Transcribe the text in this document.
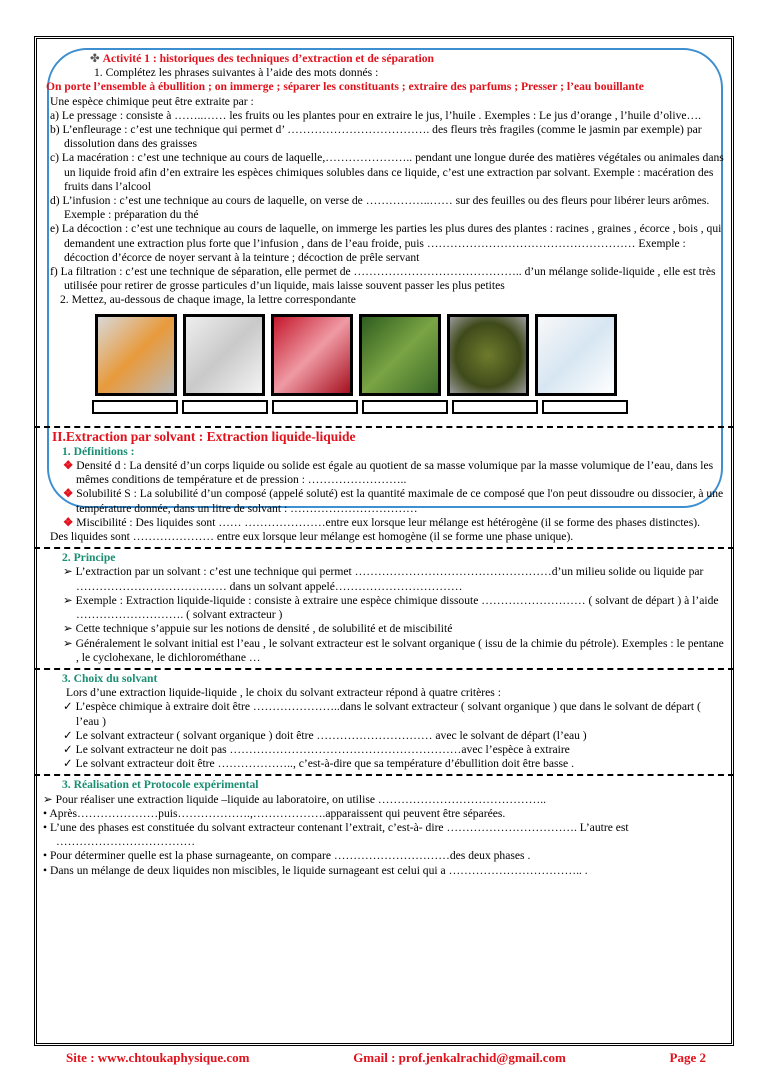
✤ Activité 1 : historiques des techniques d’extraction et de séparation
1. Complétez les phrases suivantes à l’aide des mots donnés :
On porte l’ensemble à ébullition ; on immerge ; séparer les constituants ; extraire des parfums ; Presser ; l’eau bouillante
Une espèce chimique peut être extraite par :
a) Le pressage : consiste à ……..…… les fruits ou les plantes pour en extraire le jus, l’huile . Exemples : Le jus d’orange , l’huile d’olive….
b) L’enfleurage : c’est une technique qui permet d’ ………………………………. des fleurs très fragiles (comme le jasmin par exemple) par dissolution dans des graisses
c) La macération : c’est une technique au cours de laquelle,………………….. pendant une longue durée des matières végétales ou animales dans un liquide froid afin d’en extraire les espèces chimiques solubles dans ce liquide, c’est une extraction par solvant. Exemple : macération des fruits dans l’alcool
d) L’infusion : c’est une technique au cours de laquelle, on verse de ……………..…… sur des feuilles ou des fleurs pour libérer leurs arômes. Exemple : préparation du thé
e) La décoction : c’est une technique au cours de laquelle, on immerge les parties les plus dures des plantes : racines , graines , écorce , bois , qui demandent une extraction plus forte que l’infusion , dans de l’eau froide, puis ……………………………………………… Exemple : décoction d’écorce de noyer servant à la teinture ; décoction de prêle servant
f) La filtration : c’est une technique de séparation, elle permet de …………………………………….. d’un mélange solide-liquide , elle est très utilisée pour retirer de grosse particules d’un liquide, mais laisse souvent passer les plus petites
2. Mettez, au-dessous de chaque image, la lettre correspondante
II.Extraction par solvant : Extraction liquide-liquide
1. Définitions :
❖ Densité d : La densité d’un corps liquide ou solide est égale au quotient de sa masse volumique par la masse volumique de l’eau, dans les mêmes conditions de température et de pression : ……………………..
❖ Solubilité S : La solubilité d’un composé (appelé soluté) est la quantité maximale de ce composé que l'on peut dissoudre ou dissocier, à une température donnée, dans un litre de solvant : ……………………………
❖ Miscibilité : Des liquides sont …… …………………entre eux lorsque leur mélange est hétérogène (il se forme des phases distinctes).
Des liquides sont ………………… entre eux lorsque leur mélange est homogène (il se forme une phase unique).
2. Principe
➢ L’extraction par un solvant : c’est une technique qui permet ……………………………………………d’un milieu solide ou liquide par ………………………………… dans un solvant appelé……………………………
➢ Exemple : Extraction liquide-liquide : consiste à extraire une espèce chimique dissoute ……………………… ( solvant de départ ) à l’aide ………………………. ( solvant extracteur )
➢ Cette technique s’appuie sur les notions de densité , de solubilité et de miscibilité
➢ Généralement le solvant initial est l’eau , le solvant extracteur est le solvant organique ( issu de la chimie du pétrole). Exemples : le pentane , le cyclohexane, le dichlorométhane …
3. Choix du solvant
Lors d’une extraction liquide-liquide , le choix du solvant extracteur répond à quatre critères :
✓ L’espèce chimique à extraire doit être …………………..dans le solvant extracteur ( solvant organique ) que dans le solvant de départ ( l’eau )
✓ Le solvant extracteur ( solvant organique ) doit être ………………………… avec le solvant de départ (l’eau )
✓ Le solvant extracteur ne doit pas ……………………………………………………avec l’espèce à extraire
✓ Le solvant extracteur doit être ……………….., c’est-à-dire que sa température d’ébullition doit être basse .
3. Réalisation et Protocole expérimental
➢ Pour réaliser une extraction liquide –liquide au laboratoire, on utilise ……………………………………..
• Après…………………puis……………….,……………….apparaissent qui peuvent être séparées.
• L’une des phases est constituée du solvant extracteur contenant l’extrait, c’est-à- dire ……………………………. L’autre est ………………………………
• Pour déterminer quelle est la phase surnageante, on compare …………………………des deux phases .
• Dans un mélange de deux liquides non miscibles, le liquide surnageant est celui qui a …………………………….. .
Site : www.chtoukaphysique.com	Gmail : prof.jenkalrachid@gmail.com	Page 2
